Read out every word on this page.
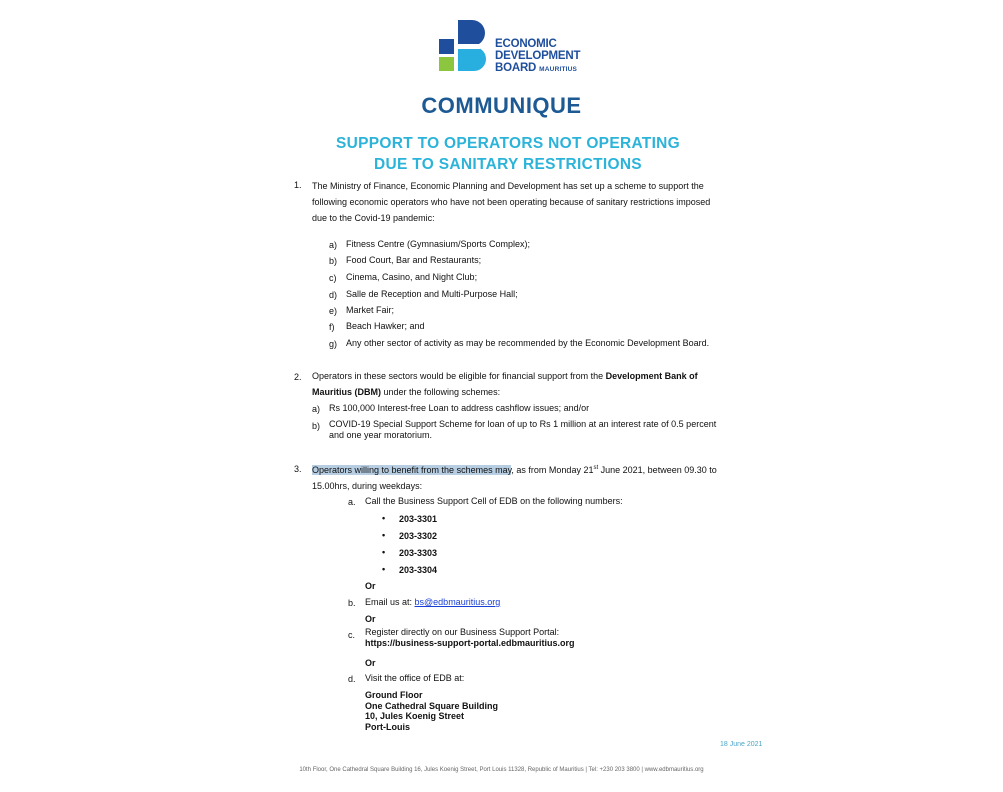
ECONOMIC
DEVELOPMENT
BOARD MAURITIUS
COMMUNIQUE
SUPPORT TO OPERATORS NOT OPERATING
DUE TO SANITARY RESTRICTIONS
1. The Ministry of Finance, Economic Planning and Development has set up a scheme to support the
following economic operators who have not been operating because of sanitary restrictions imposed
due to the Covid-19 pandemic:
a) Fitness Centre (Gymnasium/Sports Complex);
b) Food Court, Bar and Restaurants;
c) Cinema, Casino, and Night Club;
d) Salle de Reception and Multi-Purpose Hall;
e) Market Fair;
f) Beach Hawker; and
g) Any other sector of activity as may be recommended by the Economic Development Board.
2. Operators in these sectors would be eligible for financial support from the Development Bank of
Mauritius (DBM) under the following schemes:
a) Rs 100,000 Interest-free Loan to address cashflow issues; and/or
b) COVID-19 Special Support Scheme for loan of up to Rs 1 million at an interest rate of 0.5 percent
and one year moratorium.
3. Operators willing to benefit from the schemes may, as from Monday 21st June 2021, between 09.30 to
15.00hrs, during weekdays:
a. Call the Business Support Cell of EDB on the following numbers:
• 203-3301
• 203-3302
• 203-3303
• 203-3304
Or
b. Email us at: bs@edbmauritius.org
Or
c. Register directly on our Business Support Portal:
https://business-support-portal.edbmauritius.org
Or
d. Visit the office of EDB at:
Ground Floor
One Cathedral Square Building
10, Jules Koenig Street
Port-Louis
18 June 2021
10th Floor, One Cathedral Square Building 16, Jules Koenig Street, Port Louis 11328, Republic of Mauritius | Tel: +230 203 3800 | www.edbmauritius.org
